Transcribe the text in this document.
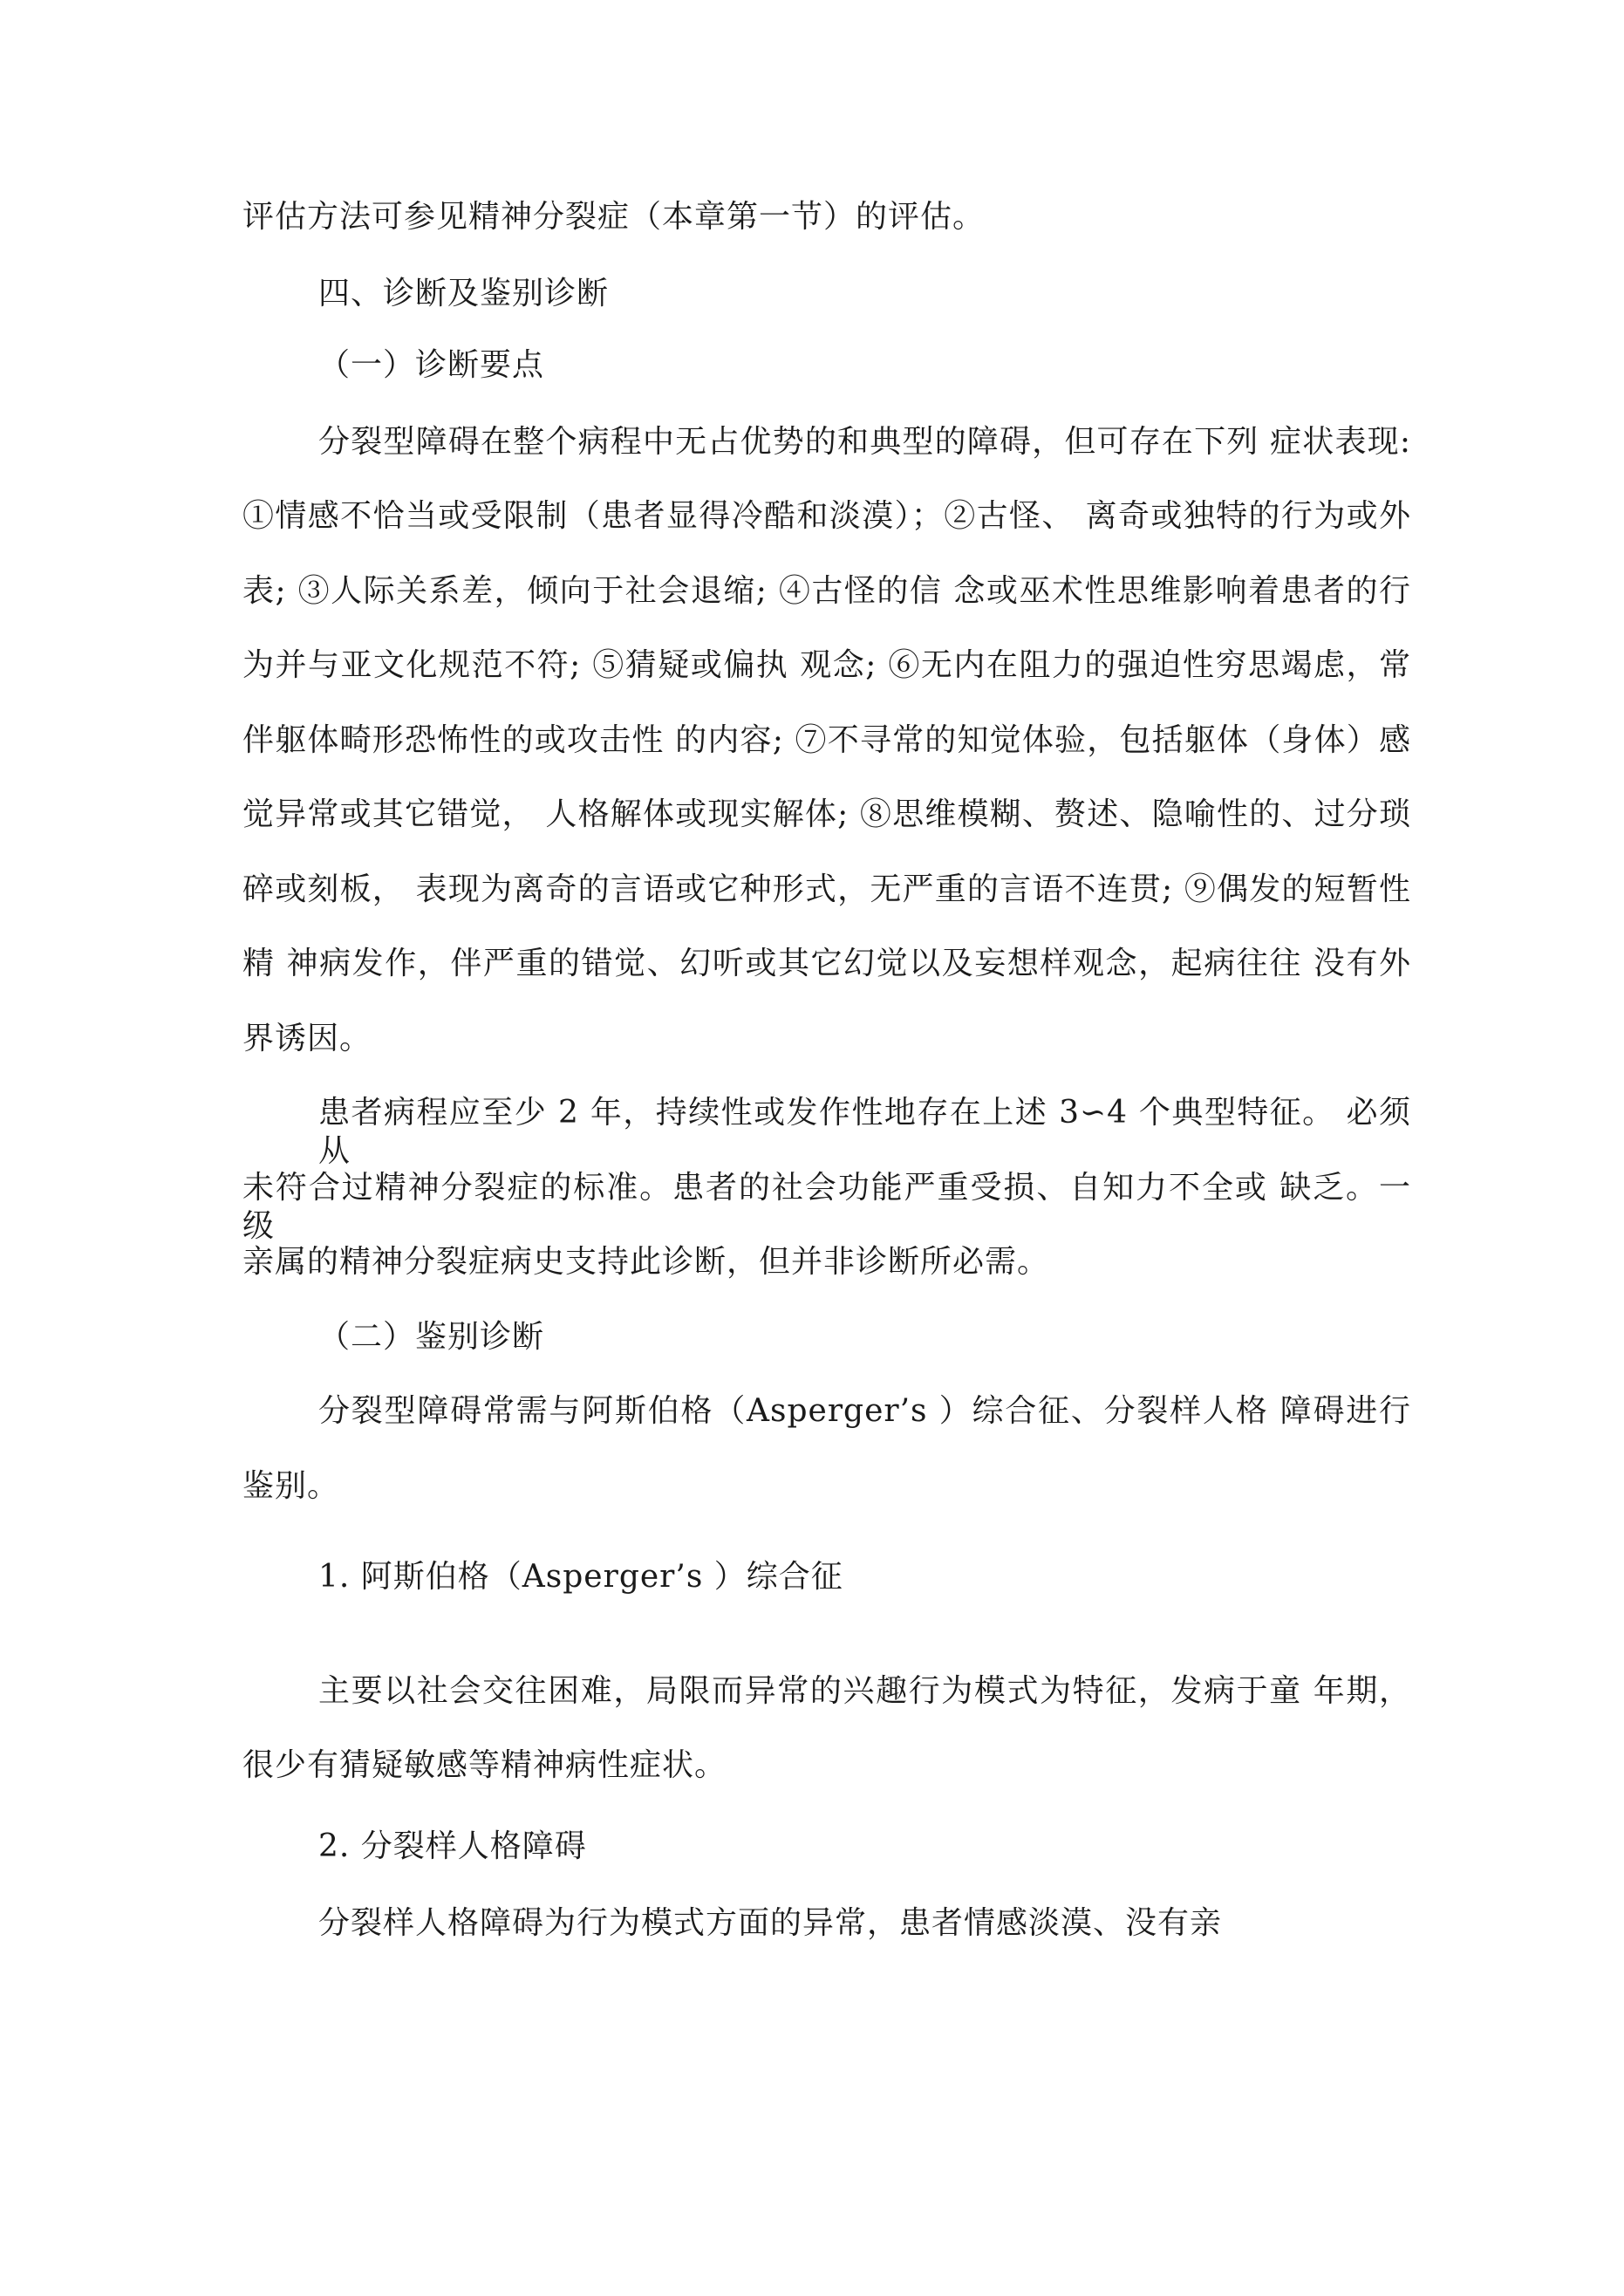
评估方法可参见精神分裂症（本章第一节）的评估。
四、诊断及鉴别诊断
（一）诊断要点
分裂型障碍在整个病程中无占优势的和典型的障碍，但可存在下列 症状表现:
①情感不恰当或受限制（患者显得冷酷和淡漠）；②古怪、 离奇或独特的行为或外
表; ③人际关系差，倾向于社会退缩; ④古怪的信 念或巫术性思维影响着患者的行
为并与亚文化规范不符; ⑤猜疑或偏执 观念; ⑥无内在阻力的强迫性穷思竭虑，常
伴躯体畸形恐怖性的或攻击性 的内容; ⑦不寻常的知觉体验，包括躯体（身体）感
觉异常或其它错觉， 人格解体或现实解体; ⑧思维模糊、赘述、隐喻性的、过分琐
碎或刻板， 表现为离奇的言语或它种形式，无严重的言语不连贯; ⑨偶发的短暂性
精 神病发作，伴严重的错觉、幻听或其它幻觉以及妄想样观念，起病往往 没有外
界诱因。
患者病程应至少 2 年，持续性或发作性地存在上述 3∽4 个典型特征。 必须从
未符合过精神分裂症的标准。患者的社会功能严重受损、自知力不全或 缺乏。一级
亲属的精神分裂症病史支持此诊断，但并非诊断所必需。
（二）鉴别诊断
分裂型障碍常需与阿斯伯格（Asperger’s ）综合征、分裂样人格 障碍进行
鉴别。
1. 阿斯伯格（Asperger’s ）综合征
主要以社会交往困难，局限而异常的兴趣行为模式为特征，发病于童 年期，
很少有猜疑敏感等精神病性症状。
2. 分裂样人格障碍
分裂样人格障碍为行为模式方面的异常，患者情感淡漠、没有亲
